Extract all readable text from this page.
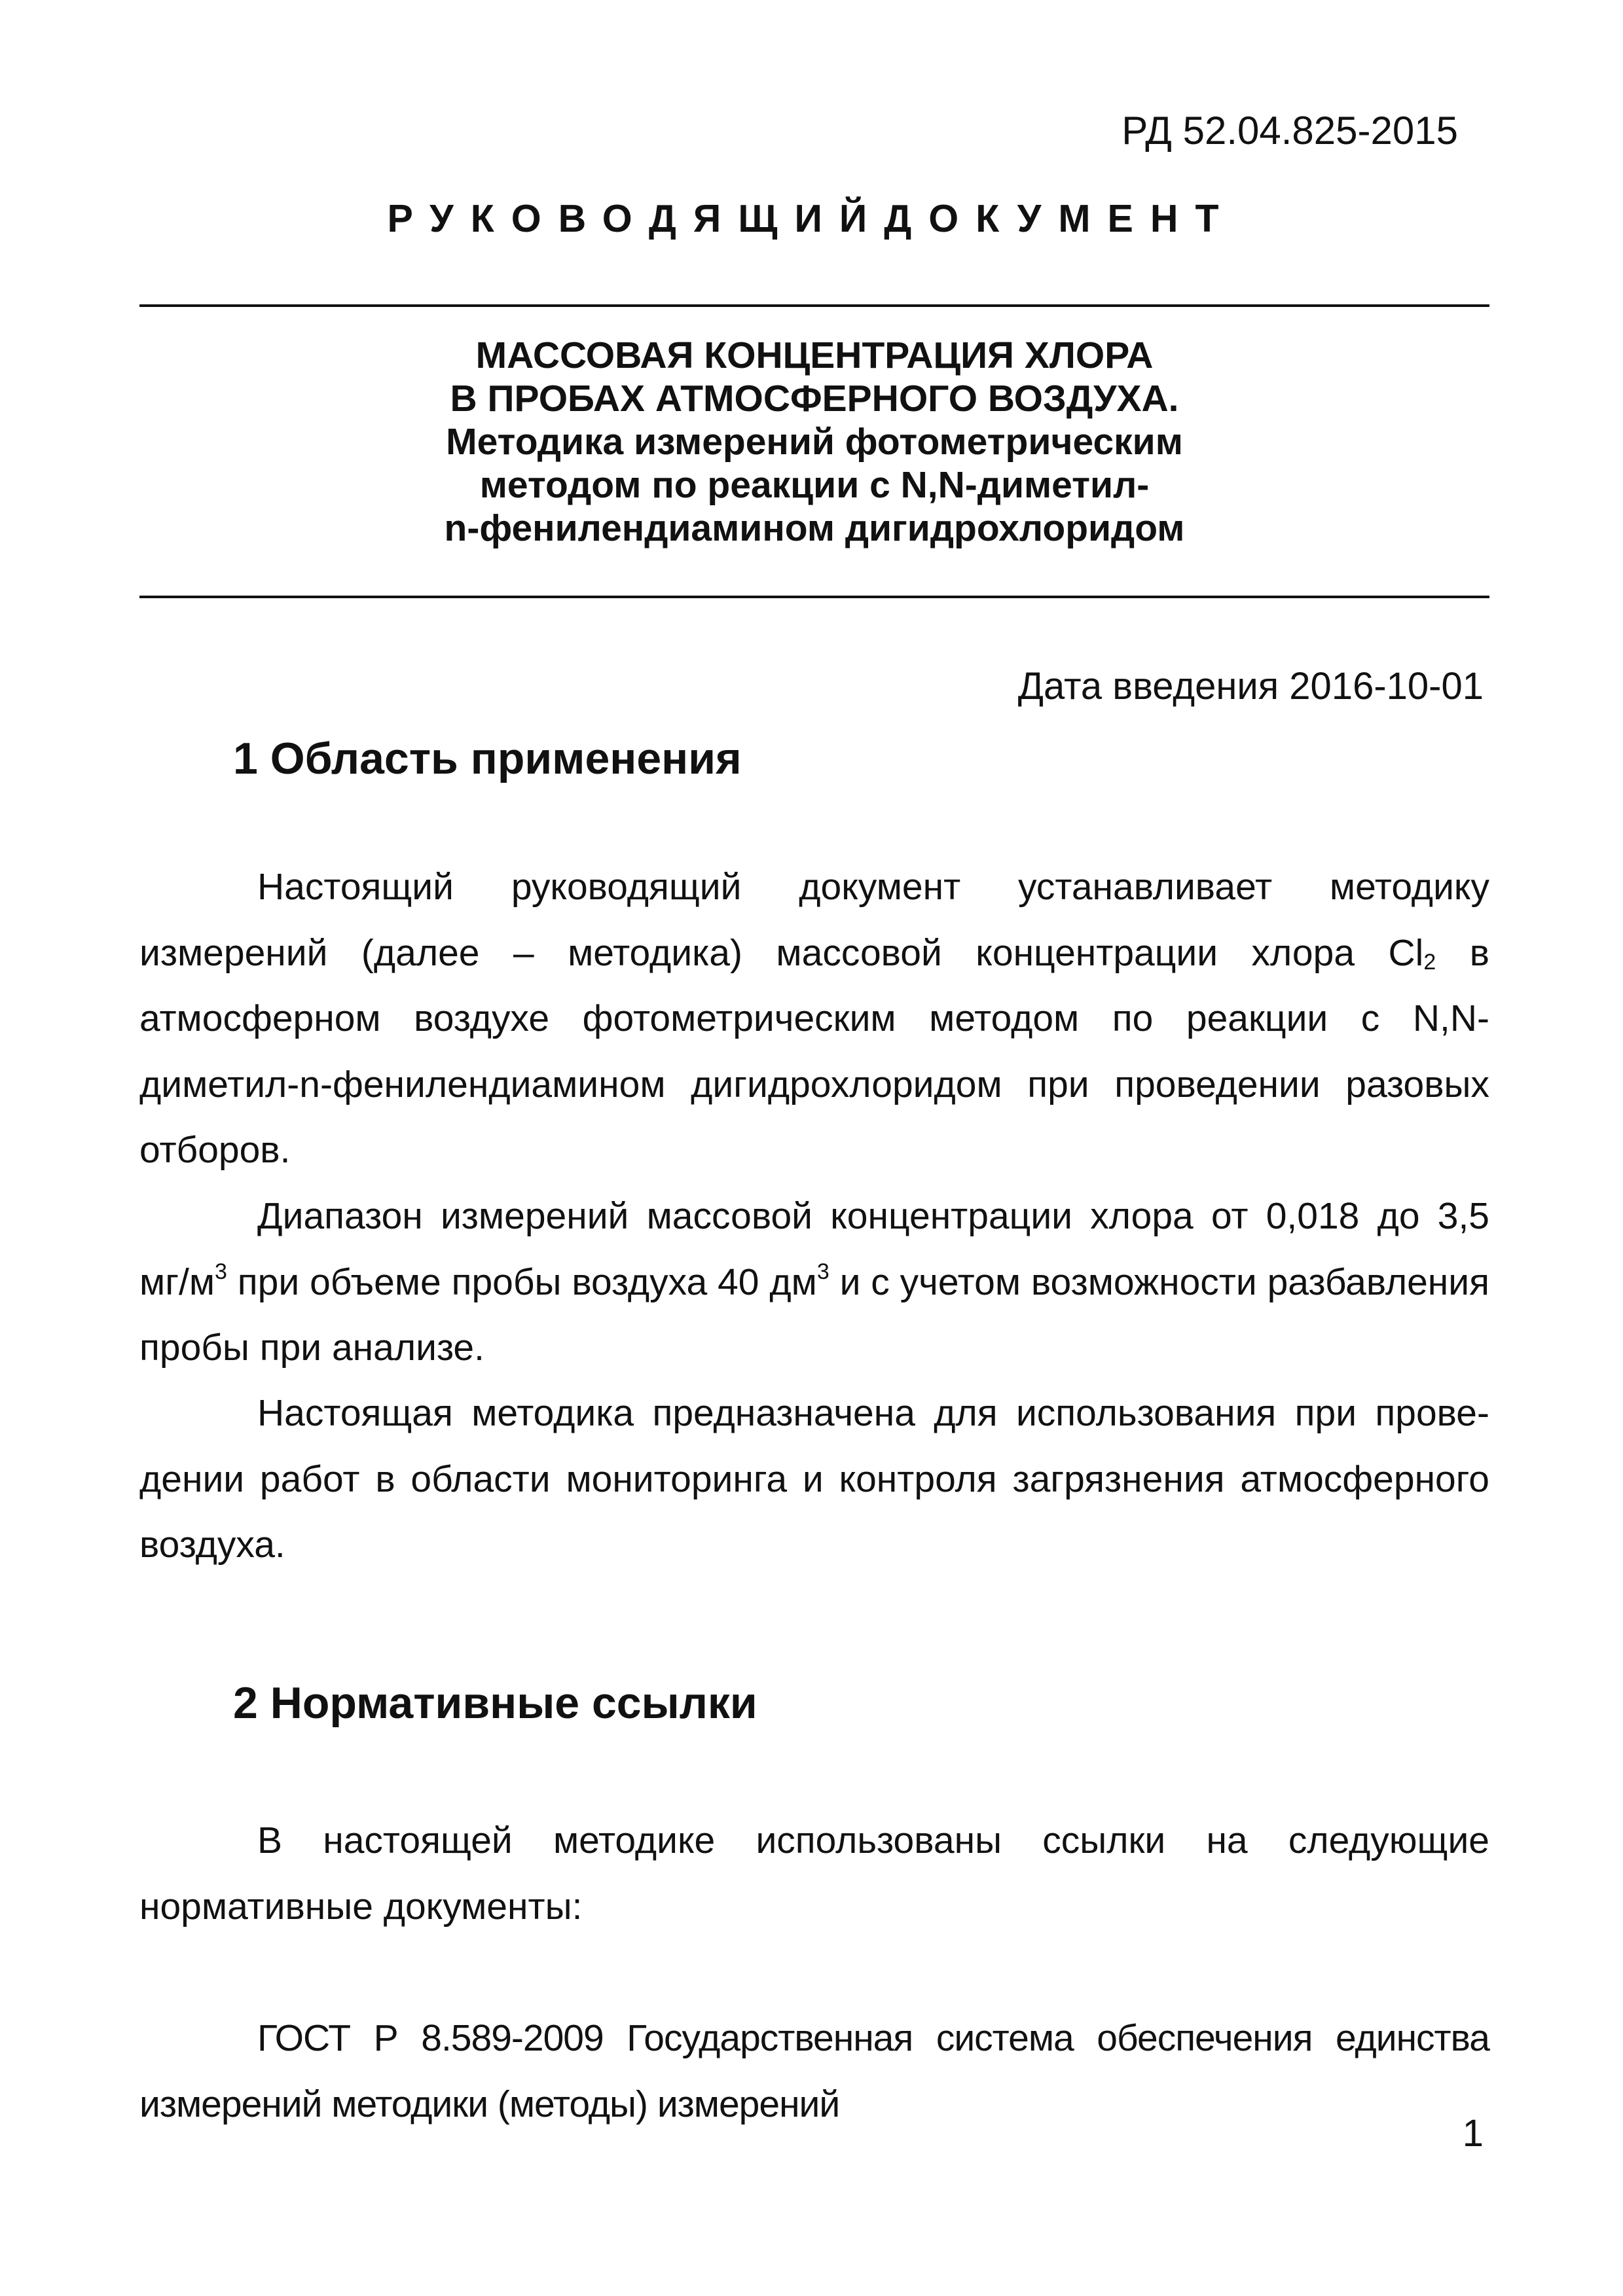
РД 52.04.825-2015
РУКОВОДЯЩИЙДОКУМЕНТ
МАССОВАЯ КОНЦЕНТРАЦИЯ ХЛОРА
В ПРОБАХ АТМОСФЕРНОГО ВОЗДУХА.
Методика измерений фотометрическим
методом по реакции с N,N-диметил-
n-фенилендиамином дигидрохлоридом
Дата введения 2016-10-01
1 Область применения

Настоящий руководящий документ устанавливает методику измерений (далее – методика) массовой концентрации хлора $Cl_2$ в атмосферном воздухе фотометрическим методом по реакции с N,N-диметил-n-фенилендиамином дигидрохлоридом при проведении разовых отборов.

Диапазон измерений массовой концентрации хлора от 0,018 до 3,5 $мг/м^3$ при объеме пробы воздуха 40 $дм^3$ и с учетом возможности разбавления пробы при анализе.

Настоящая методика предназначена для использования при прове-дении работ в области мониторинга и контроля загрязнения атмосферного воздуха.

2 Нормативные ссылки

В настоящей методике использованы ссылки на следующие нормативные документы:

ГОСТ Р 8.589-2009 Государственная система обеспечения единства измерений методики (методы) измерений

1
